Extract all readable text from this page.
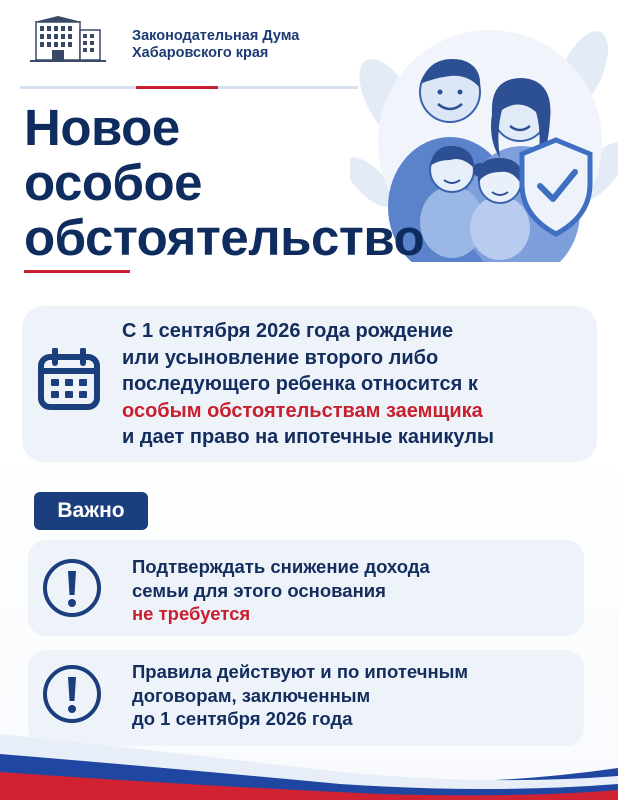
Законодательная Дума
Хабаровского края
Новое
особое
обстоятельство
С 1 сентября 2026 года рождение
или усыновление второго либо
последующего ребенка относится к
особым обстоятельствам заемщика
и дает право на ипотечные каникулы
Важно
Подтверждать снижение дохода
семьи для этого основания
не требуется
Правила действуют и по ипотечным
договорам, заключенным
до 1 сентября 2026 года
